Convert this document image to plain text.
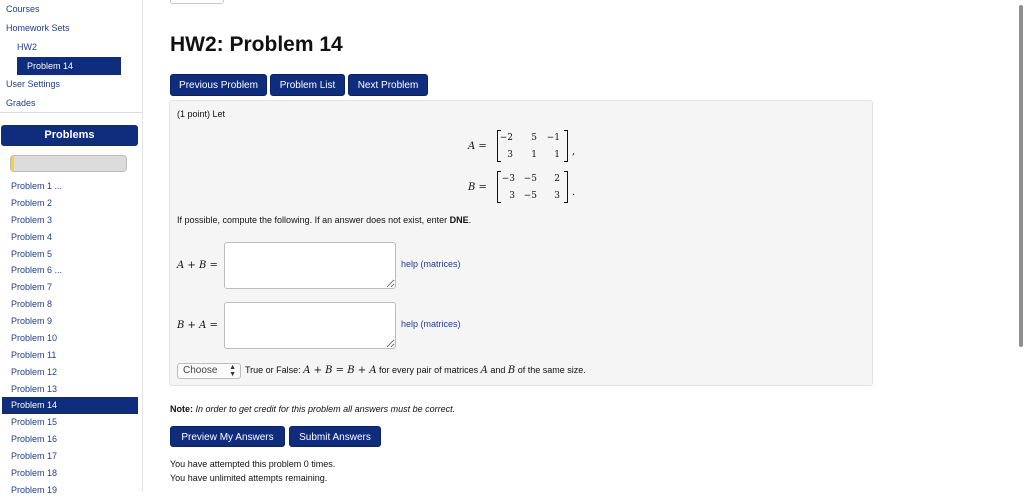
Courses
Homework Sets
HW2
Problem 14
User Settings
Grades
Problems
Problem 1 ...
Problem 2
Problem 3
Problem 4
Problem 5
Problem 6 ...
Problem 7
Problem 8
Problem 9
Problem 10
Problem 11
Problem 12
Problem 13
Problem 14
Problem 15
Problem 16
Problem 17
Problem 18
Problem 19
HW2: Problem 14
Previous Problem	Problem List	Next Problem
(1 point) Let
A =
−2	5	−1
3	1	1 ,
B =
−3 −5	2
3 −5	3 .
If possible, compute the following. If an answer does not exist, enter DNE.
A + B =	help (matrices)
B + A =	help (matrices)
Choose ▲
▼ True or False: A + B = B + A for every pair of matrices A and B of the same size.
Note: In order to get credit for this problem all answers must be correct.
Preview My Answers	Submit Answers
You have attempted this problem 0 times.
You have unlimited attempts remaining.
